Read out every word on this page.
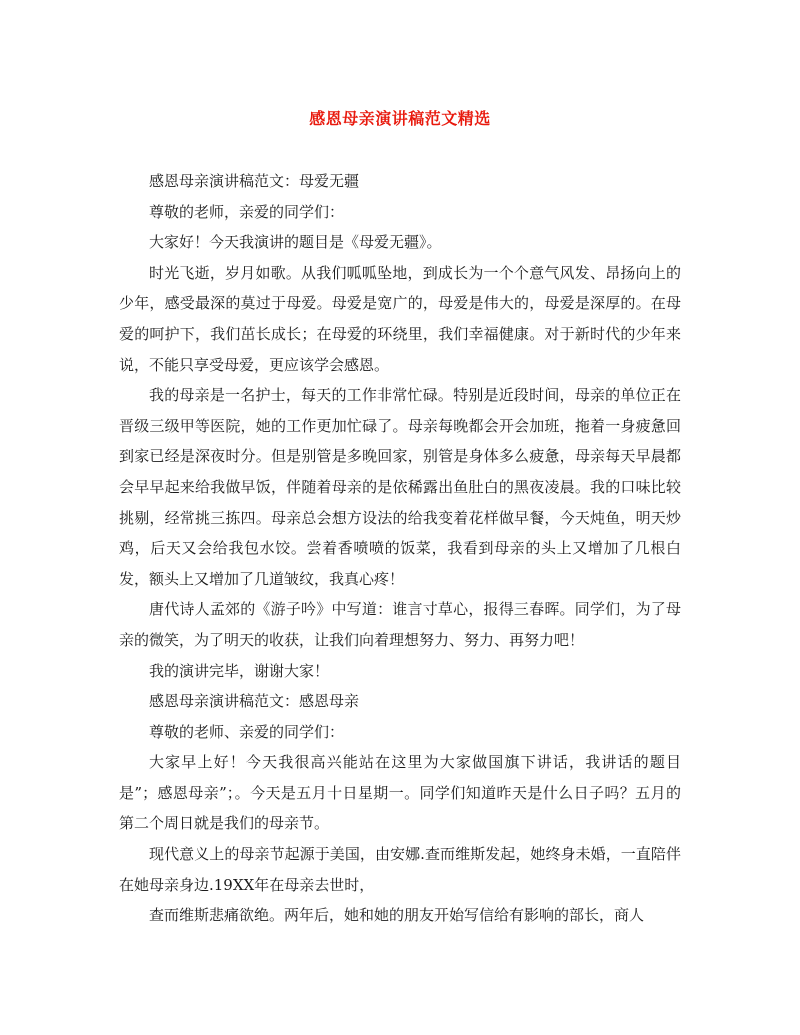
感恩母亲演讲稿范文精选

感恩母亲演讲稿范文：母爱无疆

尊敬的老师，亲爱的同学们：

大家好！今天我演讲的题目是《母爱无疆》。

时光飞逝，岁月如歌。从我们呱呱坠地，到成长为一个个意气风发、昂扬向上的少年，感受最深的莫过于母爱。母爱是宽广的，母爱是伟大的，母爱是深厚的。在母爱的呵护下，我们茁长成长；在母爱的环绕里，我们幸福健康。对于新时代的少年来说，不能只享受母爱，更应该学会感恩。

我的母亲是一名护士，每天的工作非常忙碌。特别是近段时间，母亲的单位正在晋级三级甲等医院，她的工作更加忙碌了。母亲每晚都会开会加班，拖着一身疲惫回到家已经是深夜时分。但是别管是多晚回家，别管是身体多么疲惫，母亲每天早晨都会早早起来给我做早饭，伴随着母亲的是依稀露出鱼肚白的黑夜凌晨。我的口味比较挑剔，经常挑三拣四。母亲总会想方设法的给我变着花样做早餐，今天炖鱼，明天炒鸡，后天又会给我包水饺。尝着香喷喷的饭菜，我看到母亲的头上又增加了几根白发，额头上又增加了几道皱纹，我真心疼！

唐代诗人孟郊的《游子吟》中写道：谁言寸草心，报得三春晖。同学们，为了母亲的微笑，为了明天的收获，让我们向着理想努力、努力、再努力吧！

我的演讲完毕，谢谢大家！

感恩母亲演讲稿范文：感恩母亲

尊敬的老师、亲爱的同学们：

大家早上好！今天我很高兴能站在这里为大家做国旗下讲话，我讲话的题目是”；感恩母亲”；。今天是五月十日星期一。同学们知道昨天是什么日子吗？五月的第二个周日就是我们的母亲节。

现代意义上的母亲节起源于美国，由安娜.查而维斯发起，她终身未婚，一直陪伴在她母亲身边.19XX年在母亲去世时，

查而维斯悲痛欲绝。两年后，她和她的朋友开始写信给有影响的部长，商人
